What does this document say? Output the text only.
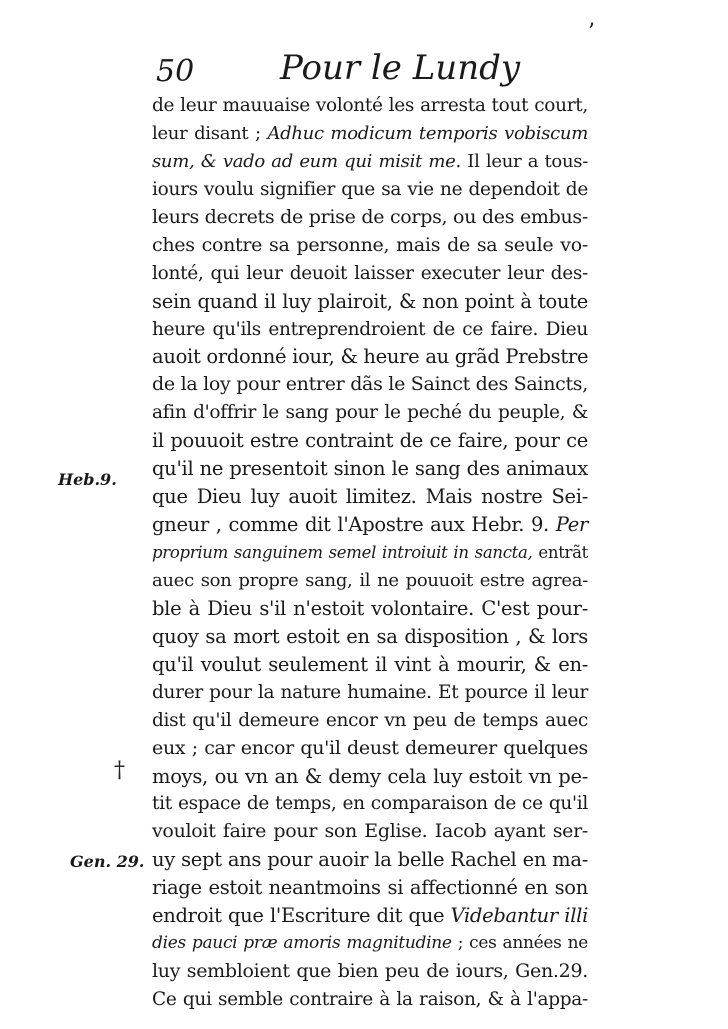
50	Pour le Lundy
’
de leur mauuaise volonté les arresta tout court,
leur disant ; Adhuc modicum temporis vobiscum
sum, & vado ad eum qui misit me. Il leur a tous-
iours voulu signifier que sa vie ne dependoit de
leurs decrets de prise de corps, ou des embus-
ches contre sa personne, mais de sa seule vo-
lonté, qui leur deuoit laisser executer leur des-
sein quand il luy plairoit, & non point à toute
heure qu'ils entreprendroient de ce faire. Dieu
auoit ordonné iour, & heure au grãd Prebstre
de la loy pour entrer dãs le Sainct des Saincts,
afin d'offrir le sang pour le peché du peuple, &
il pouuoit estre contraint de ce faire, pour ce
qu'il ne presentoit sinon le sang des animaux
que Dieu luy auoit limitez. Mais nostre Sei-
gneur , comme dit l'Apostre aux Hebr. 9. Per
proprium sanguinem semel introiuit in sancta, entrãt
auec son propre sang, il ne pouuoit estre agrea-
ble à Dieu s'il n'estoit volontaire. C'est pour-
quoy sa mort estoit en sa disposition , & lors
qu'il voulut seulement il vint à mourir, & en-
durer pour la nature humaine. Et pource il leur
dist qu'il demeure encor vn peu de temps auec
eux ; car encor qu'il deust demeurer quelques
moys, ou vn an & demy cela luy estoit vn pe-
tit espace de temps, en comparaison de ce qu'il
vouloit faire pour son Eglise. Iacob ayant ser-
uy sept ans pour auoir la belle Rachel en ma-
riage estoit neantmoins si affectionné en son
endroit que l'Escriture dit que Videbantur illi
dies pauci præ amoris magnitudine ; ces années ne
luy sembloient que bien peu de iours, Gen.29.
Ce qui semble contraire à la raison, & à l'appa-
Heb.9.
†
Gen. 29.
